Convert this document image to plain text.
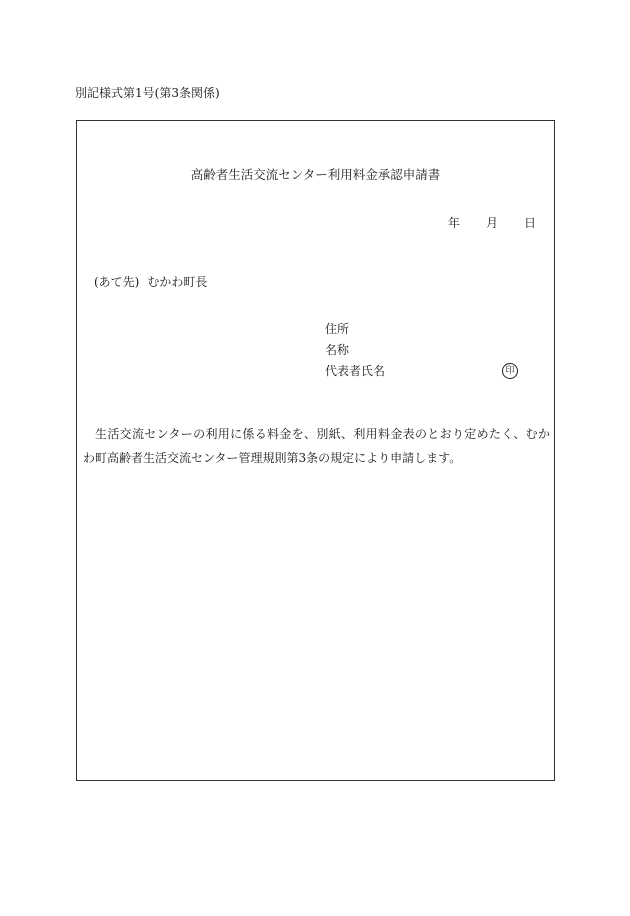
別記様式第1号(第3条関係)
高齢者生活交流センター利用料金承認申請書
年 月 日
(あて先) むかわ町長
住所
名称
代表者氏名	印
生活交流センターの利用に係る料金を、別紙、利用料金表のとおり定めたく、むかわ町高齢者生活交流センター管理規則第3条の規定により申請します。
